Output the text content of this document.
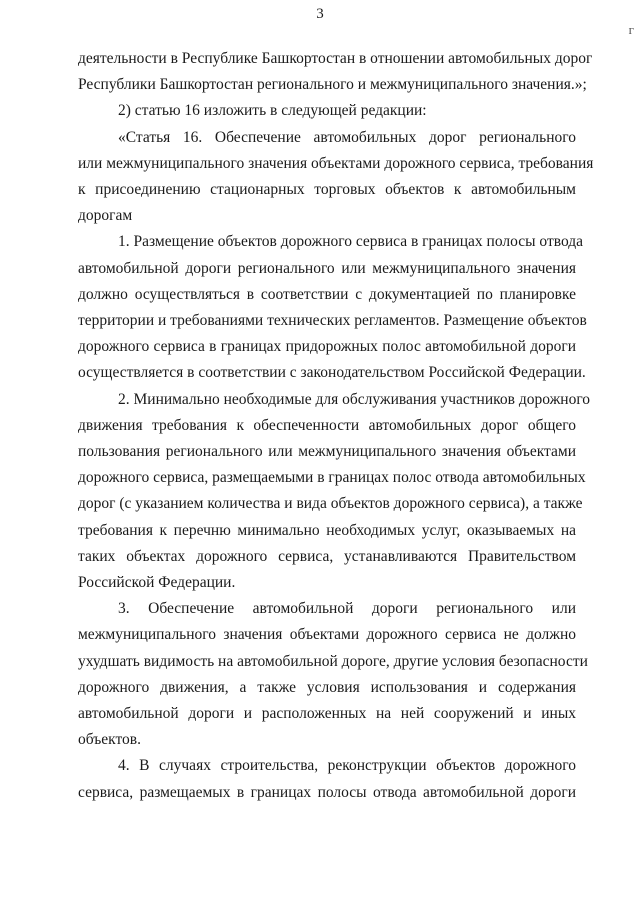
3
г

деятельности в Республике Башкортостан в отношении автомобильных дорог

Республики Башкортостан регионального и межмуниципального значения.»;

2) статью 16 изложить в следующей редакции:

«Статья 16. Обеспечение автомобильных дорог регионального

или межмуниципального значения объектами дорожного сервиса, требования

к присоединению стационарных торговых объектов к автомобильным

дорогам

1. Размещение объектов дорожного сервиса в границах полосы отвода

автомобильной дороги регионального или межмуниципального значения

должно осуществляться в соответствии с документацией по планировке

территории и требованиями технических регламентов. Размещение объектов

дорожного сервиса в границах придорожных полос автомобильной дороги

осуществляется в соответствии с законодательством Российской Федерации.

2. Минимально необходимые для обслуживания участников дорожного

движения требования к обеспеченности автомобильных дорог общего

пользования регионального или межмуниципального значения объектами

дорожного сервиса, размещаемыми в границах полос отвода автомобильных

дорог (с указанием количества и вида объектов дорожного сервиса), а также

требования к перечню минимально необходимых услуг, оказываемых на

таких объектах дорожного сервиса, устанавливаются Правительством

Российской Федерации.

3. Обеспечение автомобильной дороги регионального или

межмуниципального значения объектами дорожного сервиса не должно

ухудшать видимость на автомобильной дороге, другие условия безопасности

дорожного движения, а также условия использования и содержания

автомобильной дороги и расположенных на ней сооружений и иных

объектов.

4. В случаях строительства, реконструкции объектов дорожного

сервиса, размещаемых в границах полосы отвода автомобильной дороги
